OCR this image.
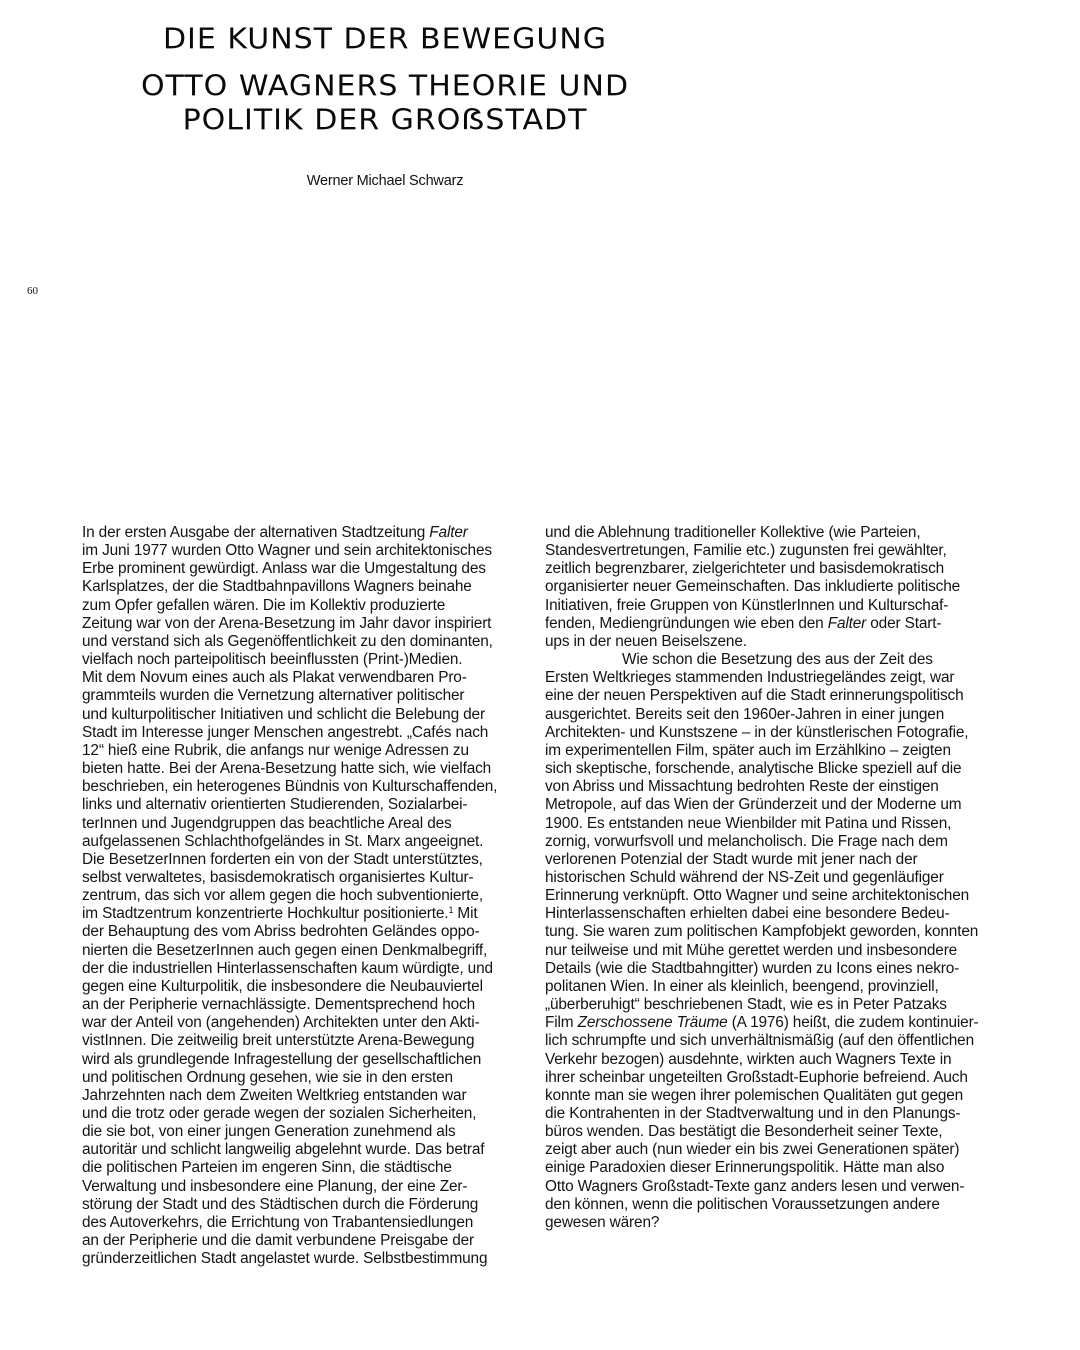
DIE KUNST DER BEWEGUNG
OTTO WAGNERS THEORIE UND
POLITIK DER GROẞSTADT
Werner Michael Schwarz
60
In der ersten Ausgabe der alternativen Stadtzeitung Falter
im Juni 1977 wurden Otto Wagner und sein architektonisches
Erbe prominent gewürdigt. Anlass war die Umgestaltung des
Karlsplatzes, der die Stadtbahnpavillons Wagners beinahe
zum Opfer gefallen wären. Die im Kollektiv produzierte
Zeitung war von der Arena-Besetzung im Jahr davor inspiriert
und verstand sich als Gegenöffentlichkeit zu den dominanten,
vielfach noch parteipolitisch beeinflussten (Print-)Medien.
Mit dem Novum eines auch als Plakat verwendbaren Pro-
grammteils wurden die Vernetzung alternativer politischer
und kulturpolitischer Initiativen und schlicht die Belebung der
Stadt im Interesse junger Menschen angestrebt. „Cafés nach
12“ hieß eine Rubrik, die anfangs nur wenige Adressen zu
bieten hatte. Bei der Arena-Besetzung hatte sich, wie vielfach
beschrieben, ein heterogenes Bündnis von Kulturschaffenden,
links und alternativ orientierten Studierenden, Sozialarbei-
terInnen und Jugendgruppen das beachtliche Areal des
aufgelassenen Schlachthofgeländes in St. Marx angeeignet.
Die BesetzerInnen forderten ein von der Stadt unterstütztes,
selbst verwaltetes, basisdemokratisch organisiertes Kultur-
zentrum, das sich vor allem gegen die hoch subventionierte,
im Stadtzentrum konzentrierte Hochkultur positionierte.$^1$ Mit
der Behauptung des vom Abriss bedrohten Geländes oppo-
nierten die BesetzerInnen auch gegen einen Denkmalbegriff,
der die industriellen Hinterlassenschaften kaum würdigte, und
gegen eine Kulturpolitik, die insbesondere die Neubauviertel
an der Peripherie vernachlässigte. Dementsprechend hoch
war der Anteil von (angehenden) Architekten unter den Akti-
vistInnen. Die zeitweilig breit unterstützte Arena-Bewegung
wird als grundlegende Infragestellung der gesellschaftlichen
und politischen Ordnung gesehen, wie sie in den ersten
Jahrzehnten nach dem Zweiten Weltkrieg entstanden war
und die trotz oder gerade wegen der sozialen Sicherheiten,
die sie bot, von einer jungen Generation zunehmend als
autoritär und schlicht langweilig abgelehnt wurde. Das betraf
die politischen Parteien im engeren Sinn, die städtische
Verwaltung und insbesondere eine Planung, der eine Zer-
störung der Stadt und des Städtischen durch die Förderung
des Autoverkehrs, die Errichtung von Trabantensiedlungen
an der Peripherie und die damit verbundene Preisgabe der
gründerzeitlichen Stadt angelastet wurde. Selbstbestimmung
und die Ablehnung traditioneller Kollektive (wie Parteien,
Standesvertretungen, Familie etc.) zugunsten frei gewählter,
zeitlich begrenzbarer, zielgerichteter und basisdemokratisch
organisierter neuer Gemeinschaften. Das inkludierte politische
Initiativen, freie Gruppen von KünstlerInnen und Kulturschaf-
fenden, Mediengründungen wie eben den Falter oder Start-
ups in der neuen Beiselszene.
Wie schon die Besetzung des aus der Zeit des
Ersten Weltkrieges stammenden Industriegeländes zeigt, war
eine der neuen Perspektiven auf die Stadt erinnerungspolitisch
ausgerichtet. Bereits seit den 1960er-Jahren in einer jungen
Architekten- und Kunstszene – in der künstlerischen Fotografie,
im experimentellen Film, später auch im Erzählkino – zeigten
sich skeptische, forschende, analytische Blicke speziell auf die
von Abriss und Missachtung bedrohten Reste der einstigen
Metropole, auf das Wien der Gründerzeit und der Moderne um
1900. Es entstanden neue Wienbilder mit Patina und Rissen,
zornig, vorwurfsvoll und melancholisch. Die Frage nach dem
verlorenen Potenzial der Stadt wurde mit jener nach der
historischen Schuld während der NS-Zeit und gegenläufiger
Erinnerung verknüpft. Otto Wagner und seine architektonischen
Hinterlassenschaften erhielten dabei eine besondere Bedeu-
tung. Sie waren zum politischen Kampfobjekt geworden, konnten
nur teilweise und mit Mühe gerettet werden und insbesondere
Details (wie die Stadtbahngitter) wurden zu Icons eines nekro-
politanen Wien. In einer als kleinlich, beengend, provinziell,
„überberuhigt“ beschriebenen Stadt, wie es in Peter Patzaks
Film Zerschossene Träume (A 1976) heißt, die zudem kontinuier-
lich schrumpfte und sich unverhältnismäßig (auf den öffentlichen
Verkehr bezogen) ausdehnte, wirkten auch Wagners Texte in
ihrer scheinbar ungeteilten Großstadt-Euphorie befreiend. Auch
konnte man sie wegen ihrer polemischen Qualitäten gut gegen
die Kontrahenten in der Stadtverwaltung und in den Planungs-
büros wenden. Das bestätigt die Besonderheit seiner Texte,
zeigt aber auch (nun wieder ein bis zwei Generationen später)
einige Paradoxien dieser Erinnerungspolitik. Hätte man also
Otto Wagners Großstadt-Texte ganz anders lesen und verwen-
den können, wenn die politischen Voraussetzungen andere
gewesen wären?
